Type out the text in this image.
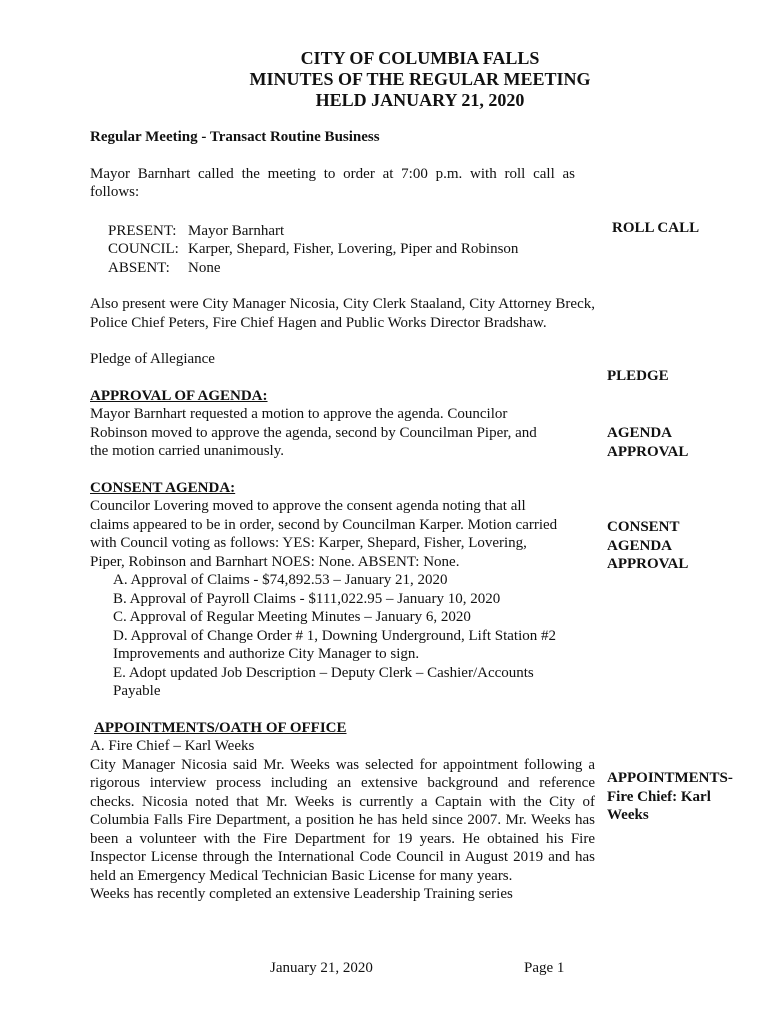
CITY OF COLUMBIA FALLS
MINUTES OF THE REGULAR MEETING
HELD JANUARY 21, 2020

Regular Meeting - Transact Routine Business

Mayor Barnhart called the meeting to order at 7:00 p.m. with roll call as follows:

PRESENT: Mayor Barnhart
COUNCIL: Karper, Shepard, Fisher, Lovering, Piper and Robinson
ABSENT:	None

Also present were City Manager Nicosia, City Clerk Staaland, City Attorney Breck, Police Chief Peters, Fire Chief Hagen and Public Works Director Bradshaw.

Pledge of Allegiance

APPROVAL OF AGENDA:

Mayor Barnhart requested a motion to approve the agenda. Councilor

Robinson moved to approve the agenda, second by Councilman Piper, and

the motion carried unanimously.

CONSENT AGENDA:

Councilor Lovering moved to approve the consent agenda noting that all

claims appeared to be in order, second by Councilman Karper. Motion carried

with Council voting as follows: YES: Karper, Shepard, Fisher, Lovering,

Piper, Robinson and Barnhart NOES: None. ABSENT: None.

A. Approval of Claims - $74,892.53 – January 21, 2020

B. Approval of Payroll Claims - $111,022.95 – January 10, 2020

C. Approval of Regular Meeting Minutes – January 6, 2020

D. Approval of Change Order # 1, Downing Underground, Lift Station #2

Improvements and authorize City Manager to sign.

E. Adopt updated Job Description – Deputy Clerk – Cashier/Accounts

Payable

APPOINTMENTS/OATH OF OFFICE

A. Fire Chief – Karl Weeks

City Manager Nicosia said Mr. Weeks was selected for appointment following a rigorous interview process including an extensive background and reference checks. Nicosia noted that Mr. Weeks is currently a Captain with the City of Columbia Falls Fire Department, a position he has held since 2007. Mr. Weeks has been a volunteer with the Fire Department for 19 years. He obtained his Fire Inspector License through the International Code Council in August 2019 and has held an Emergency Medical Technician Basic License for many years.

Weeks has recently completed an extensive Leadership Training series

ROLL CALL
PLEDGE
AGENDA
APPROVAL
CONSENT
AGENDA
APPROVAL
APPOINTMENTS-
Fire Chief: Karl
Weeks
January 21, 2020	Page 1
